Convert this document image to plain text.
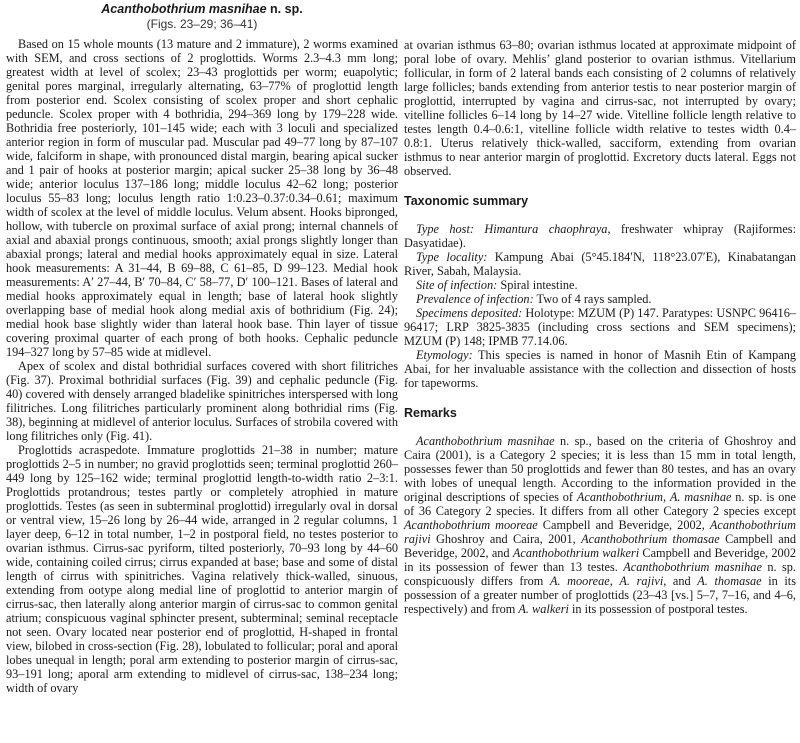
Acanthobothrium masnihae n. sp.
(Figs. 23–29; 36–41)

Based on 15 whole mounts (13 mature and 2 immature), 2 worms examined with SEM, and cross sections of 2 proglottids. Worms 2.3–4.3 mm long; greatest width at level of scolex; 23–43 proglottids per worm; euapolytic; genital pores marginal, irregularly alternating, 63–77% of proglottid length from posterior end. Scolex consisting of scolex proper and short cephalic peduncle. Scolex proper with 4 bothridia, 294–369 long by 179–228 wide. Bothridia free posteriorly, 101–145 wide; each with 3 loculi and specialized anterior region in form of muscular pad. Muscular pad 49–77 long by 87–107 wide, falciform in shape, with pronounced distal margin, bearing apical sucker and 1 pair of hooks at posterior margin; apical sucker 25–38 long by 36–48 wide; anterior loculus 137–186 long; middle loculus 42–62 long; posterior loculus 55–83 long; loculus length ratio 1:0.23–0.37:0.34–0.61; maximum width of scolex at the level of middle loculus. Velum absent. Hooks bipronged, hollow, with tubercle on proximal surface of axial prong; internal channels of axial and abaxial prongs continuous, smooth; axial prongs slightly longer than abaxial prongs; lateral and medial hooks approximately equal in size. Lateral hook measurements: A 31–44, B 69–88, C 61–85, D 99–123. Medial hook measurements: A′ 27–44, B′ 70–84, C′ 58–77, D′ 100–121. Bases of lateral and medial hooks approximately equal in length; base of lateral hook slightly overlapping base of medial hook along medial axis of bothridium (Fig. 24); medial hook base slightly wider than lateral hook base. Thin layer of tissue covering proximal quarter of each prong of both hooks. Cephalic peduncle 194–327 long by 57–85 wide at midlevel.

Apex of scolex and distal bothridial surfaces covered with short filitriches (Fig. 37). Proximal bothridial surfaces (Fig. 39) and cephalic peduncle (Fig. 40) covered with densely arranged bladelike spinitriches interspersed with long filitriches. Long filitriches particularly prominent along bothridial rims (Fig. 38), beginning at midlevel of anterior loculus. Surfaces of strobila covered with long filitriches only (Fig. 41).

Proglottids acraspedote. Immature proglottids 21–38 in number; mature proglottids 2–5 in number; no gravid proglottids seen; terminal proglottid 260–449 long by 125–162 wide; terminal proglottid length-to-width ratio 2–3:1. Proglottids protandrous; testes partly or completely atrophied in mature proglottids. Testes (as seen in subterminal proglottid) irregularly oval in dorsal or ventral view, 15–26 long by 26–44 wide, arranged in 2 regular columns, 1 layer deep, 6–12 in total number, 1–2 in postporal field, no testes posterior to ovarian isthmus. Cirrus-sac pyriform, tilted posteriorly, 70–93 long by 44–60 wide, containing coiled cirrus; cirrus expanded at base; base and some of distal length of cirrus with spinitriches. Vagina relatively thick-walled, sinuous, extending from ootype along medial line of proglottid to anterior margin of cirrus-sac, then laterally along anterior margin of cirrus-sac to common genital atrium; conspicuous vaginal sphincter present, subterminal; seminal receptacle not seen. Ovary located near posterior end of proglottid, H-shaped in frontal view, bilobed in cross-section (Fig. 28), lobulated to follicular; poral and aporal lobes unequal in length; poral arm extending to posterior margin of cirrus-sac, 93–191 long; aporal arm extending to midlevel of cirrus-sac, 138–234 long; width of ovary

at ovarian isthmus 63–80; ovarian isthmus located at approximate midpoint of poral lobe of ovary. Mehlis’ gland posterior to ovarian isthmus. Vitellarium follicular, in form of 2 lateral bands each consisting of 2 columns of relatively large follicles; bands extending from anterior testis to near posterior margin of proglottid, interrupted by vagina and cirrus-sac, not interrupted by ovary; vitelline follicles 6–14 long by 14–27 wide. Vitelline follicle length relative to testes length 0.4–0.6:1, vitelline follicle width relative to testes width 0.4–0.8:1. Uterus relatively thick-walled, sacciform, extending from ovarian isthmus to near anterior margin of proglottid. Excretory ducts lateral. Eggs not observed.

Taxonomic summary

Type host: Himantura chaophraya, freshwater whipray (Rajiformes: Dasyatidae).

Type locality: Kampung Abai (5°45.184′N, 118°23.07′E), Kinabatangan River, Sabah, Malaysia.

Site of infection: Spiral intestine.

Prevalence of infection: Two of 4 rays sampled.

Specimens deposited: Holotype: MZUM (P) 147. Paratypes: USNPC 96416–96417; LRP 3825-3835 (including cross sections and SEM specimens); MZUM (P) 148; IPMB 77.14.06.

Etymology: This species is named in honor of Masnih Etin of Kampang Abai, for her invaluable assistance with the collection and dissection of hosts for tapeworms.

Remarks

Acanthobothrium masnihae n. sp., based on the criteria of Ghoshroy and Caira (2001), is a Category 2 species; it is less than 15 mm in total length, possesses fewer than 50 proglottids and fewer than 80 testes, and has an ovary with lobes of unequal length. According to the information provided in the original descriptions of species of Acanthobothrium, A. masnihae n. sp. is one of 36 Category 2 species. It differs from all other Category 2 species except Acanthobothrium mooreae Campbell and Beveridge, 2002, Acanthobothrium rajivi Ghoshroy and Caira, 2001, Acanthobothrium thomasae Campbell and Beveridge, 2002, and Acanthobothrium walkeri Campbell and Beveridge, 2002 in its possession of fewer than 13 testes. Acanthobothrium masnihae n. sp. conspicuously differs from A. mooreae, A. rajivi, and A. thomasae in its possession of a greater number of proglottids (23–43 [vs.] 5–7, 7–16, and 4–6, respectively) and from A. walkeri in its possession of postporal testes.
